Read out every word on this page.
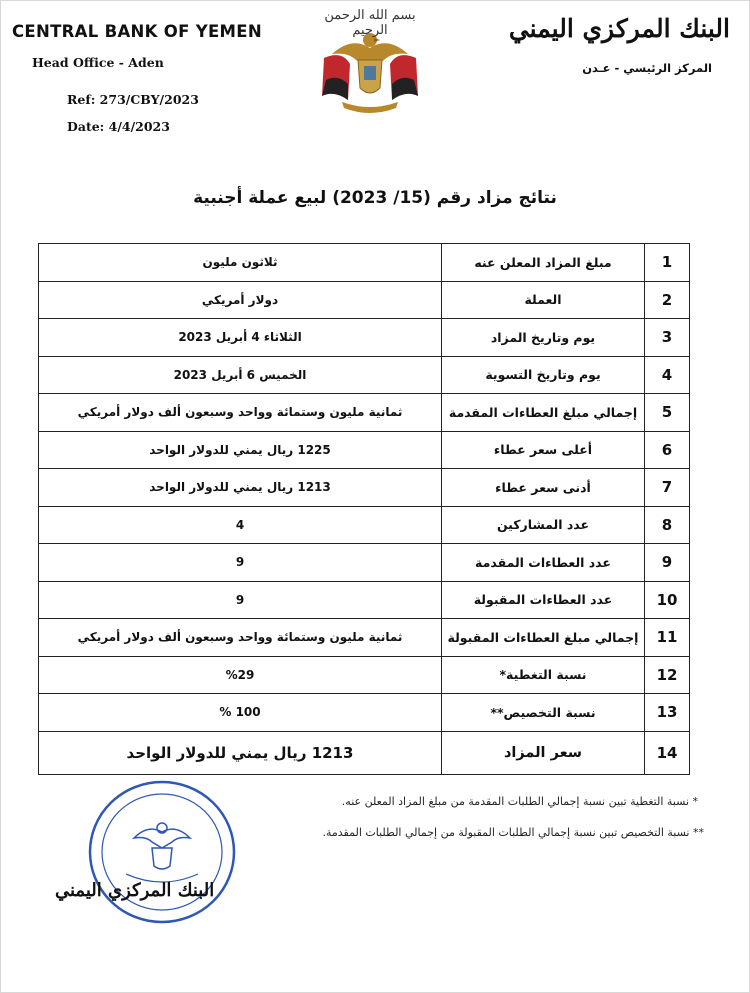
CENTRAL BANK OF YEMEN
Head Office - Aden
Ref: 273/CBY/2023
Date: 4/4/2023
بسم الله الرحمن الرحيم	البنك المركزي اليمني
المركز الرئيسي - عـدن
نتائج مزاد رقم (15/ 2023) لبيع عملة أجنبية
ثلاثون مليون	مبلغ المزاد المعلن عنه	1
دولار أمريكي	العملة	2
الثلاثاء 4 أبريل 2023	يوم وتاريخ المزاد	3
الخميس 6 أبريل 2023	يوم وتاريخ التسوية	4
ثمانية مليون وستمائة وواحد وسبعون ألف دولار أمريكي	إجمالي مبلغ العطاءات المقدمة	5
1225 ريال يمني للدولار الواحد	أعلى سعر عطاء	6
1213 ريال يمني للدولار الواحد	أدنى سعر عطاء	7
4	عدد المشاركين	8
9	عدد العطاءات المقدمة	9
9	عدد العطاءات المقبولة	10
ثمانية مليون وستمائة وواحد وسبعون ألف دولار أمريكي	إجمالي مبلغ العطاءات المقبولة	11
%29	نسبة التغطية*	12
100 %	نسبة التخصيص**	13
1213 ريال يمني للدولار الواحد	سعر المزاد	14
* نسبة التغطية تبين نسبة إجمالي الطلبات المقدمة من مبلغ المزاد المعلن عنه.
** نسبة التخصيص تبين نسبة إجمالي الطلبات المقبولة من إجمالي الطلبات المقدمة.
البنك المركزي اليمني
